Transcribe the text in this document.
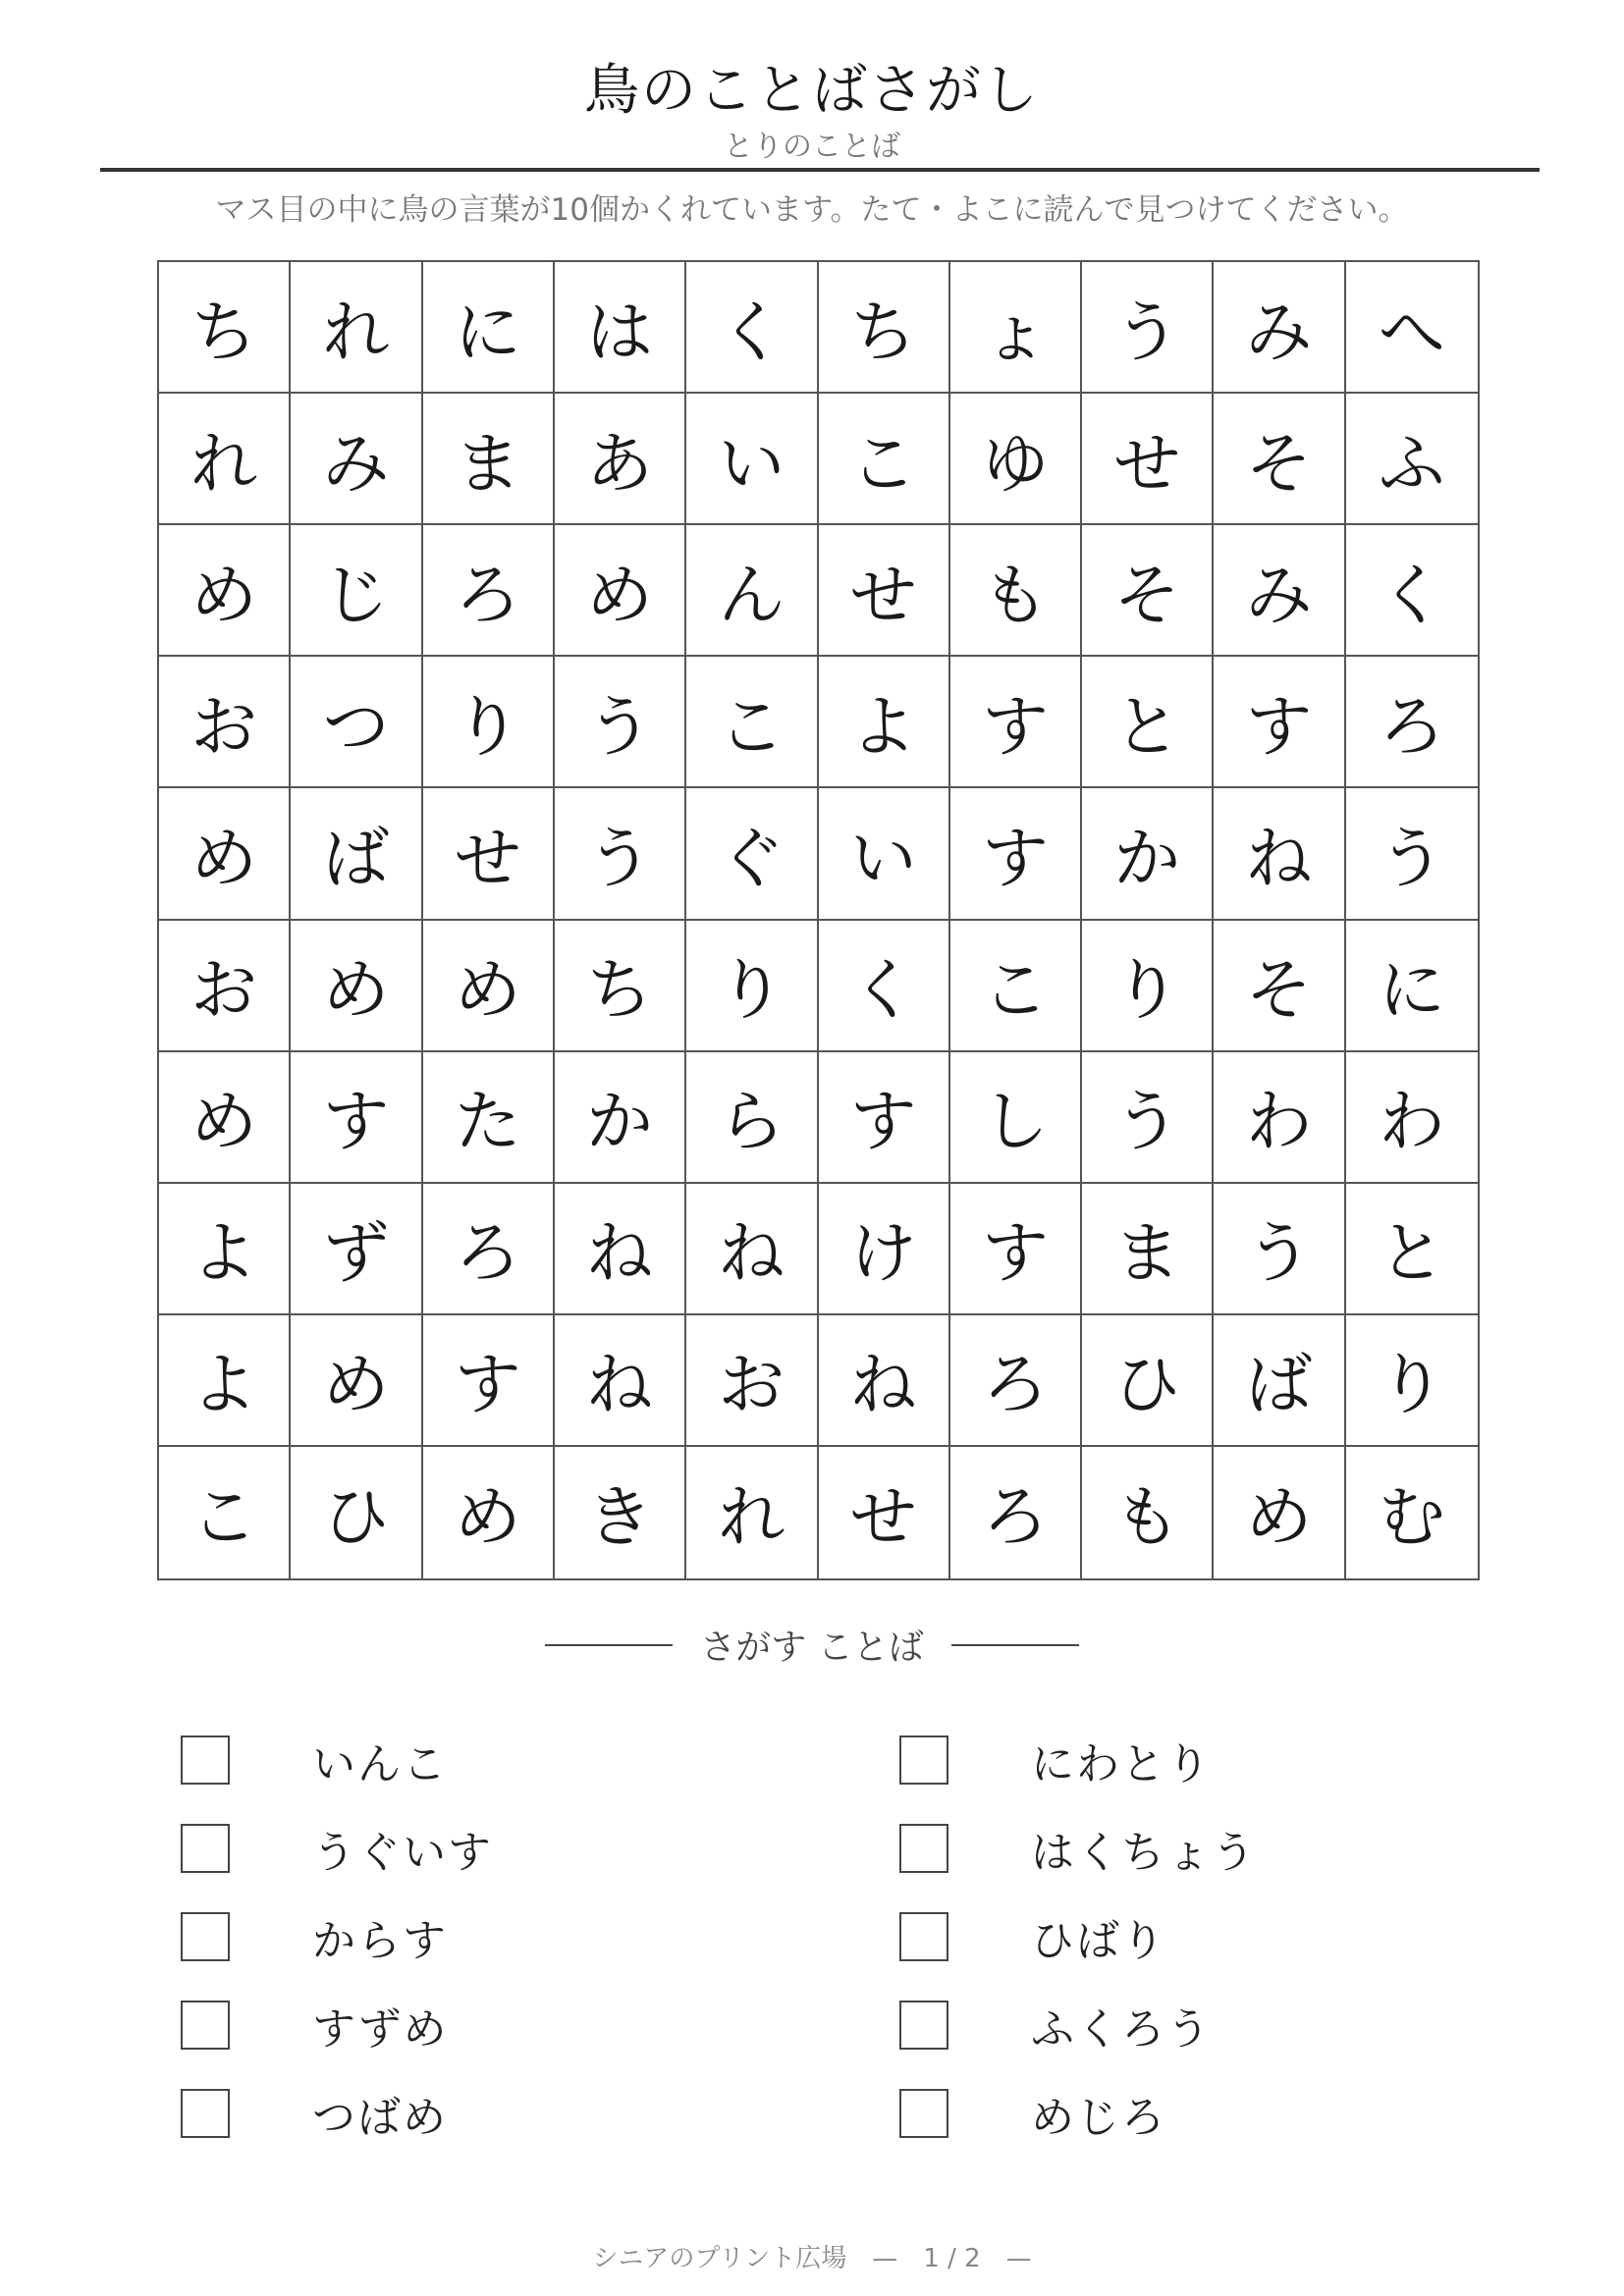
鳥のことばさがし
とりのことば
マス目の中に鳥の言葉が10個かくれています。たて・よこに読んで見つけてください。
ち れ に は く ち ょ う み へ
れ み ま あ い こ ゆ せ そ ふ
め じ ろ め ん せ も そ み く
お つ り う こ よ す と す ろ
め ば せ う ぐ い す か ね う
お め め ち り く こ り そ に
め す た か ら す し う わ わ
よ ず ろ ね ね け す ま う と
よ め す ね お ね ろ ひ ば り
こ ひ め き れ せ ろ も め む
さがす ことば
いんこ
うぐいす
からす
すずめ
つばめ
にわとり
はくちょう
ひばり
ふくろう
めじろ
シニアのプリント広場　—　1 / 2　—
